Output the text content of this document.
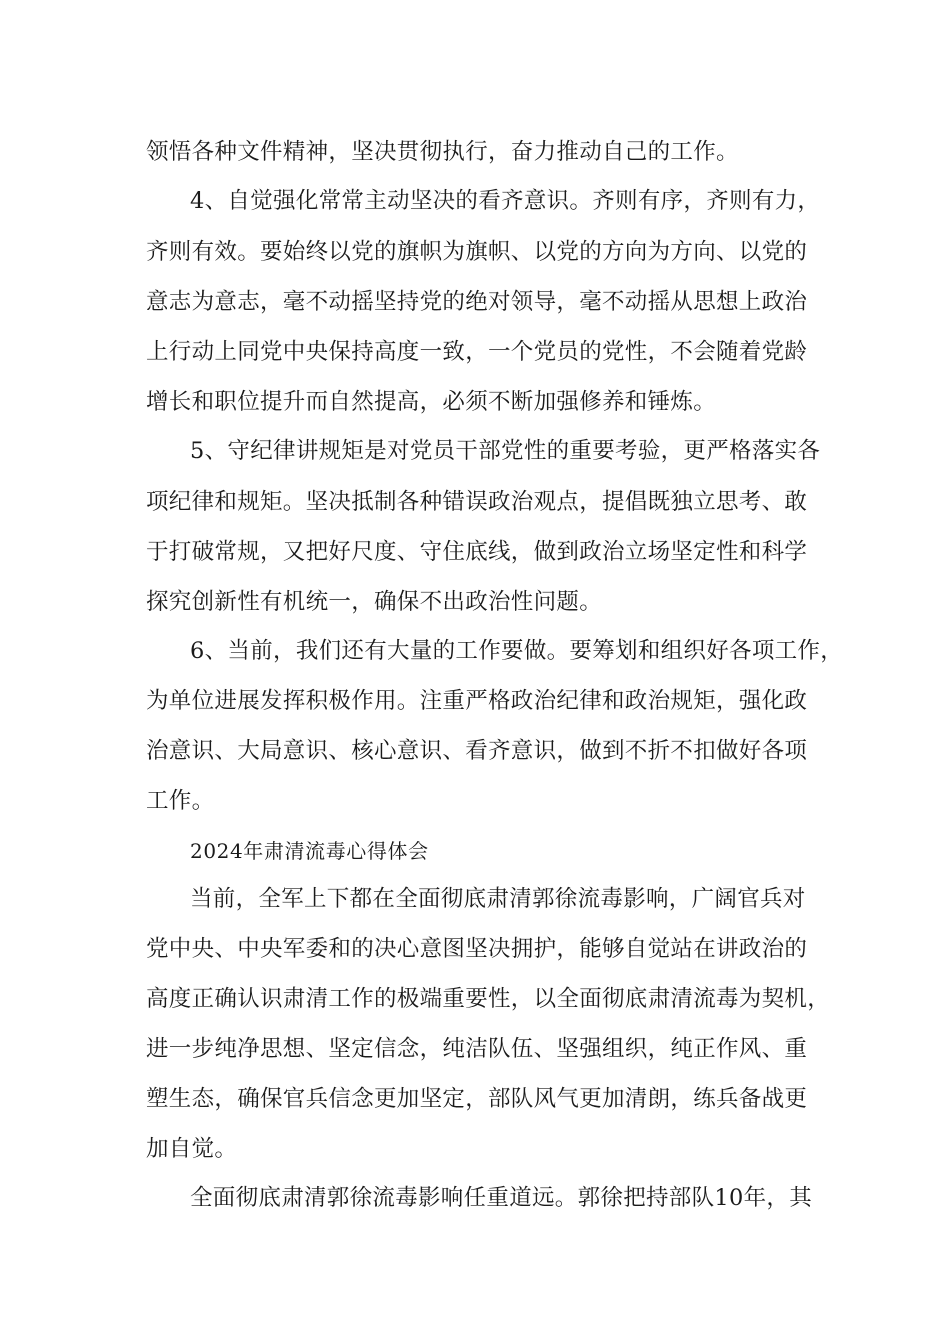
领悟各种文件精神，坚决贯彻执行，奋力推动自己的工作。
4、自觉强化常常主动坚决的看齐意识。齐则有序，齐则有力，
齐则有效。要始终以党的旗帜为旗帜、以党的方向为方向、以党的
意志为意志，毫不动摇坚持党的绝对领导，毫不动摇从思想上政治
上行动上同党中央保持高度一致，一个党员的党性，不会随着党龄
增长和职位提升而自然提高，必须不断加强修养和锤炼。
5、守纪律讲规矩是对党员干部党性的重要考验，更严格落实各
项纪律和规矩。坚决抵制各种错误政治观点，提倡既独立思考、敢
于打破常规，又把好尺度、守住底线，做到政治立场坚定性和科学
探究创新性有机统一，确保不出政治性问题。
6、当前，我们还有大量的工作要做。要筹划和组织好各项工作，
为单位进展发挥积极作用。注重严格政治纪律和政治规矩，强化政
治意识、大局意识、核心意识、看齐意识，做到不折不扣做好各项
工作。
2024年肃清流毒心得体会
当前，全军上下都在全面彻底肃清郭徐流毒影响，广阔官兵对
党中央、中央军委和的决心意图坚决拥护，能够自觉站在讲政治的
高度正确认识肃清工作的极端重要性，以全面彻底肃清流毒为契机，
进一步纯净思想、坚定信念，纯洁队伍、坚强组织，纯正作风、重
塑生态，确保官兵信念更加坚定，部队风气更加清朗，练兵备战更
加自觉。
全面彻底肃清郭徐流毒影响任重道远。郭徐把持部队10年，其
